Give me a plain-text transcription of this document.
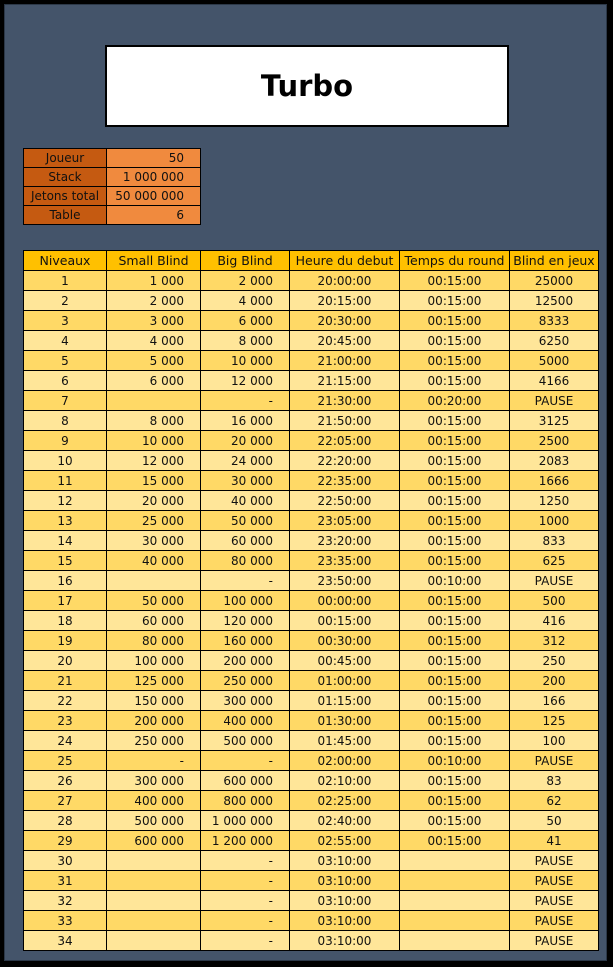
Turbo
Joueur	50
Stack	1 000 000
Jetons total	50 000 000
Table	6
Niveaux	Small Blind	Big Blind	Heure du debut	Temps du round	Blind en jeux
1	1 000	2 000	20:00:00	00:15:00	25000
2	2 000	4 000	20:15:00	00:15:00	12500
3	3 000	6 000	20:30:00	00:15:00	8333
4	4 000	8 000	20:45:00	00:15:00	6250
5	5 000	10 000	21:00:00	00:15:00	5000
6	6 000	12 000	21:15:00	00:15:00	4166
7		-	21:30:00	00:20:00	PAUSE
8	8 000	16 000	21:50:00	00:15:00	3125
9	10 000	20 000	22:05:00	00:15:00	2500
10	12 000	24 000	22:20:00	00:15:00	2083
11	15 000	30 000	22:35:00	00:15:00	1666
12	20 000	40 000	22:50:00	00:15:00	1250
13	25 000	50 000	23:05:00	00:15:00	1000
14	30 000	60 000	23:20:00	00:15:00	833
15	40 000	80 000	23:35:00	00:15:00	625
16		-	23:50:00	00:10:00	PAUSE
17	50 000	100 000	00:00:00	00:15:00	500
18	60 000	120 000	00:15:00	00:15:00	416
19	80 000	160 000	00:30:00	00:15:00	312
20	100 000	200 000	00:45:00	00:15:00	250
21	125 000	250 000	01:00:00	00:15:00	200
22	150 000	300 000	01:15:00	00:15:00	166
23	200 000	400 000	01:30:00	00:15:00	125
24	250 000	500 000	01:45:00	00:15:00	100
25	-	-	02:00:00	00:10:00	PAUSE
26	300 000	600 000	02:10:00	00:15:00	83
27	400 000	800 000	02:25:00	00:15:00	62
28	500 000	1 000 000	02:40:00	00:15:00	50
29	600 000	1 200 000	02:55:00	00:15:00	41
30		-	03:10:00		PAUSE
31		-	03:10:00		PAUSE
32		-	03:10:00		PAUSE
33		-	03:10:00		PAUSE
34		-	03:10:00		PAUSE
